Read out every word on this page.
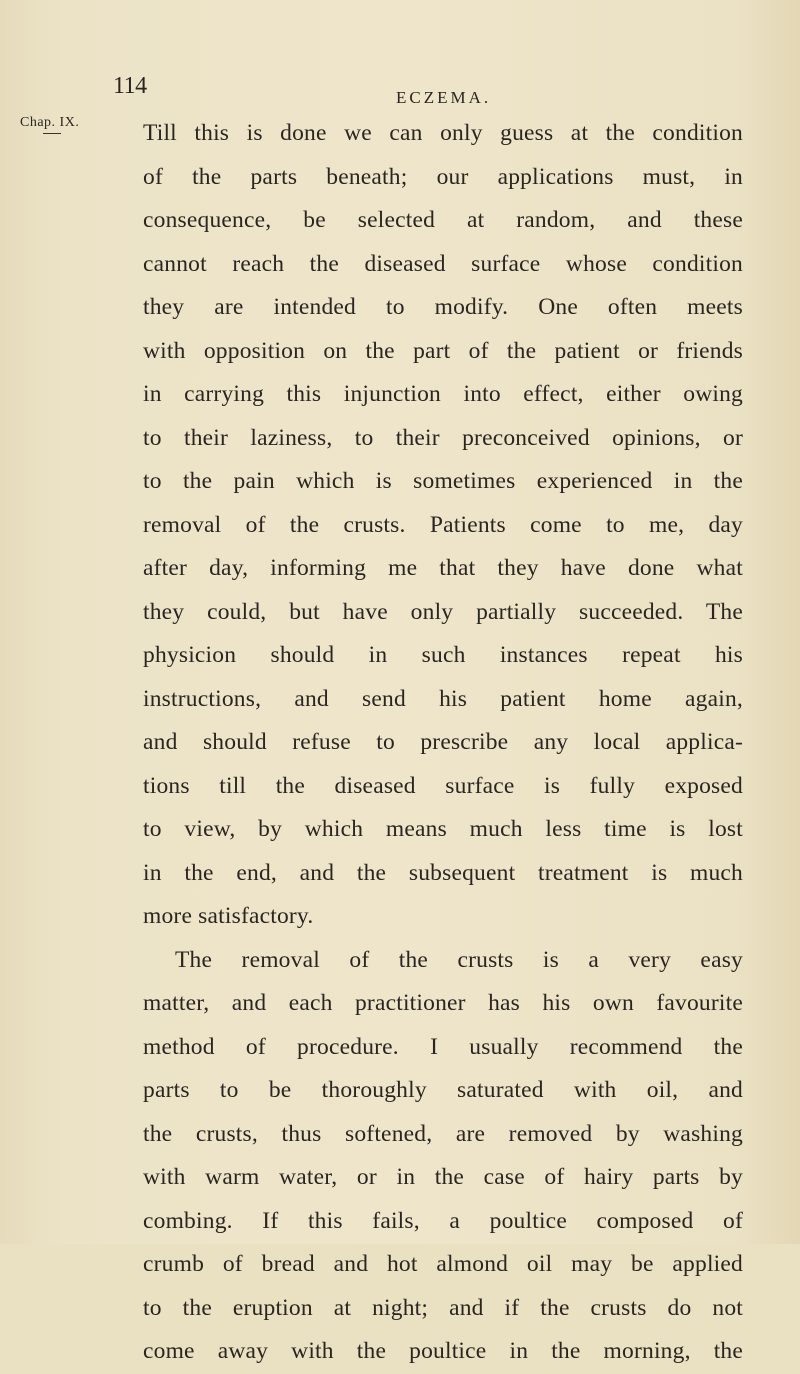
114	ECZEMA.
Chap. IX.	Till this is done we can only guess at the condition
of the parts beneath; our applications must, in
consequence, be selected at random, and these
cannot reach the diseased surface whose condition
they are intended to modify. One often meets
with opposition on the part of the patient or friends
in carrying this injunction into effect, either owing
to their laziness, to their preconceived opinions, or
to the pain which is sometimes experienced in the
removal of the crusts. Patients come to me, day
after day, informing me that they have done what
they could, but have only partially succeeded. The
physicion should in such instances repeat his
instructions, and send his patient home again,
and should refuse to prescribe any local applica-
tions till the diseased surface is fully exposed
to view, by which means much less time is lost
in the end, and the subsequent treatment is much
more satisfactory.
The removal of the crusts is a very easy
matter, and each practitioner has his own favourite
method of procedure. I usually recommend the
parts to be thoroughly saturated with oil, and
the crusts, thus softened, are removed by washing
with warm water, or in the case of hairy parts by
combing. If this fails, a poultice composed of
crumb of bread and hot almond oil may be applied
to the eruption at night; and if the crusts do not
come away with the poultice in the morning, the
